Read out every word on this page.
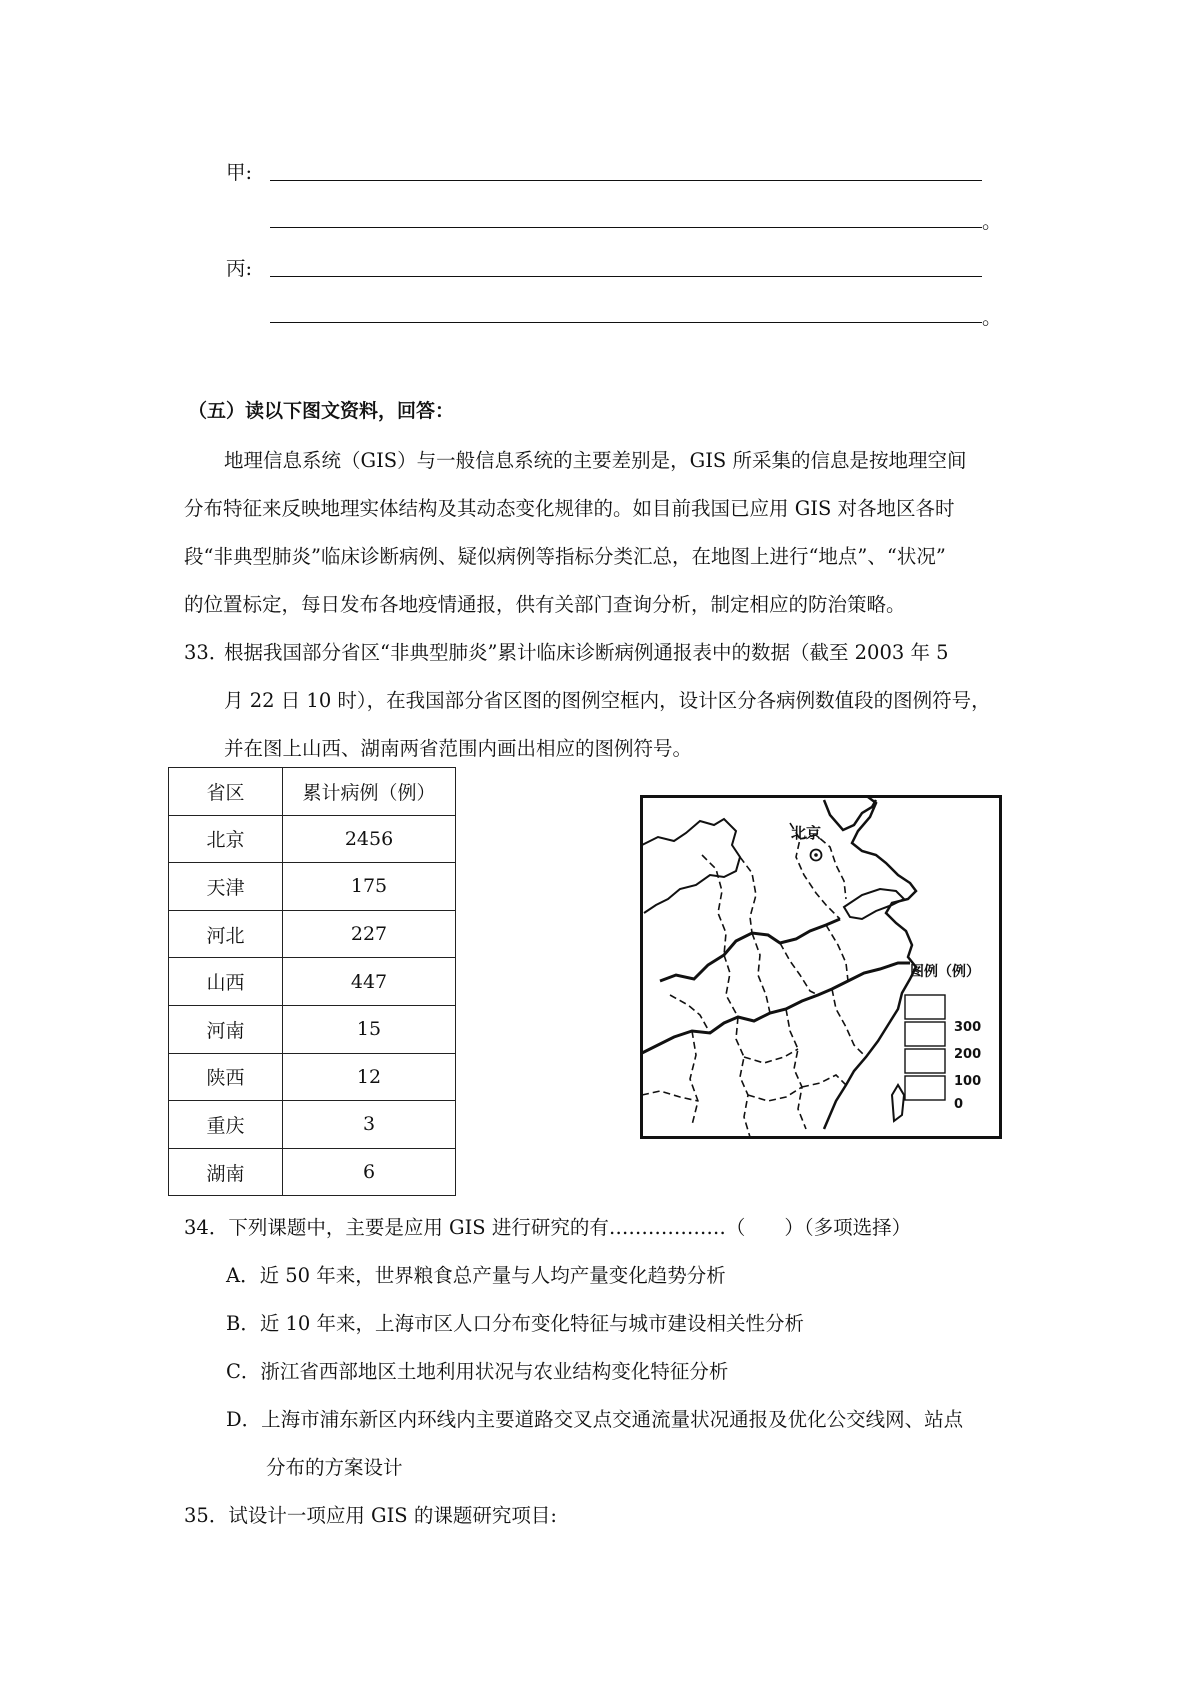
甲:
。
丙:
。
（五）读以下图文资料，回答：
地理信息系统（GIS）与一般信息系统的主要差别是，GIS 所采集的信息是按地理空间
分布特征来反映地理实体结构及其动态变化规律的。如目前我国已应用 GIS 对各地区各时
段“非典型肺炎”临床诊断病例、疑似病例等指标分类汇总，在地图上进行“地点”、“状况”
的位置标定，每日发布各地疫情通报，供有关部门查询分析，制定相应的防治策略。
33．
根据我国部分省区“非典型肺炎”累计临床诊断病例通报表中的数据（截至 2003 年 5
月 22 日 10 时），在我国部分省区图的图例空框内，设计区分各病例数值段的图例符号，
并在图上山西、湖南两省范围内画出相应的图例符号。
省区	累计病例（例）
北京	2456
天津	175
河北	227
山西	447
河南	15
陕西	12
重庆	3
湖南	6
北京
图例（例）
300
200
100
0
34．下列课题中，主要是应用 GIS 进行研究的有………………（　　）（多项选择）
A．近 50 年来，世界粮食总产量与人均产量变化趋势分析
B．近 10 年来，上海市区人口分布变化特征与城市建设相关性分析
C．浙江省西部地区土地利用状况与农业结构变化特征分析
D．上海市浦东新区内环线内主要道路交叉点交通流量状况通报及优化公交线网、站点
分布的方案设计
35．试设计一项应用 GIS 的课题研究项目:
